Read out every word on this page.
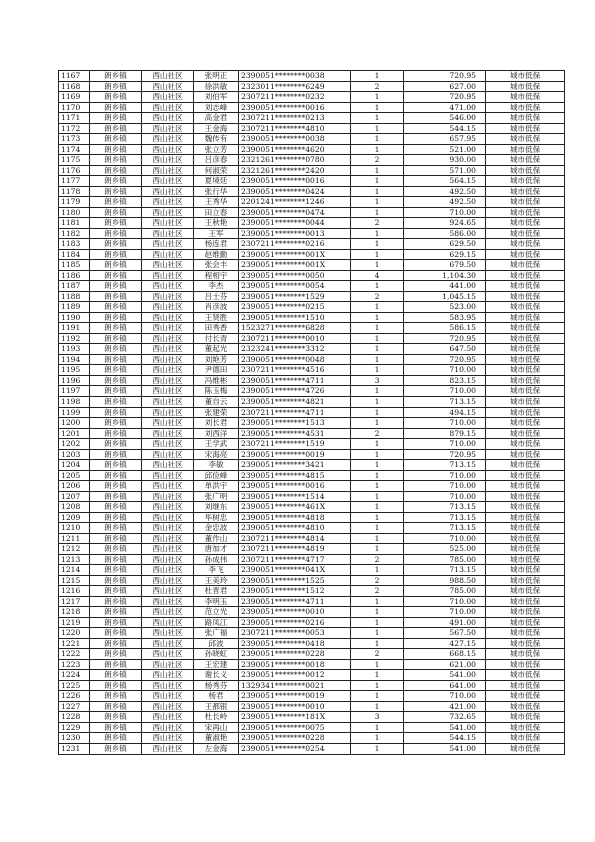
1167	朗乡镇	西山社区	张明正	2390051********0038	1	720.95	城市低保
1168	朗乡镇	西山社区	徐洪敏	2323011********6249	2	627.00	城市低保
1169	朗乡镇	西山社区	刘伯军	2307211********0232	1	720.95	城市低保
1170	朗乡镇	西山社区	刘志峰	2390051********0016	1	471.00	城市低保
1171	朗乡镇	西山社区	高金君	2307211********0213	1	546.00	城市低保
1172	朗乡镇	西山社区	王金海	2307211********4810	1	544.15	城市低保
1173	朗乡镇	西山社区	魏传有	2390051********0038	1	657.95	城市低保
1174	朗乡镇	西山社区	张立芳	2390051********4620	1	521.00	城市低保
1175	朗乡镇	西山社区	吕彦春	2321261********0780	2	930.00	城市低保
1176	朗乡镇	西山社区	何淑荣	2321261********2420	1	571.00	城市低保
1177	朗乡镇	西山社区	夏境廷	2390051********0016	1	564.15	城市低保
1178	朗乡镇	西山社区	张行华	2390051********0424	1	492.50	城市低保
1179	朗乡镇	西山社区	王秀华	2201241********1246	1	492.50	城市低保
1180	朗乡镇	西山社区	田立春	2390051********0474	1	710.00	城市低保
1181	朗乡镇	西山社区	王秋艳	2390051********0044	2	924.65	城市低保
1182	朗乡镇	西山社区	王军	2390051********0013	1	586.00	城市低保
1183	朗乡镇	西山社区	杨连君	2307211********0216	1	629.50	城市低保
1184	朗乡镇	西山社区	赵维勤	2390051********001X	1	629.15	城市低保
1185	朗乡镇	西山社区	张会丰	2390051********001X	1	679.50	城市低保
1186	朗乡镇	西山社区	程相宇	2390051********0050	4	1,104.30	城市低保
1187	朗乡镇	西山社区	李杰	2390051********0054	1	441.00	城市低保
1188	朗乡镇	西山社区	吕士芬	2390051********1529	2	1,045.15	城市低保
1189	朗乡镇	西山社区	肖彦波	2390051********0215	1	523.00	城市低保
1190	朗乡镇	西山社区	王贤胜	2390051********1510	1	583.95	城市低保
1191	朗乡镇	西山社区	田秀香	1523271********6828	1	586.15	城市低保
1192	朗乡镇	西山社区	付长青	2307211********0010	1	720.95	城市低保
1193	朗乡镇	西山社区	董起光	2323241********3312	1	647.50	城市低保
1194	朗乡镇	西山社区	刘艳芳	2390051********0048	1	720.95	城市低保
1195	朗乡镇	西山社区	尹德田	2307211********4516	1	710.00	城市低保
1196	朗乡镇	西山社区	冯维彬	2390051********4711	3	823.15	城市低保
1197	朗乡镇	西山社区	陈玉梅	2390051********4726	1	710.00	城市低保
1198	朗乡镇	西山社区	董自云	2390051********4821	1	713.15	城市低保
1199	朗乡镇	西山社区	张建荣	2307211********4711	1	494.15	城市低保
1200	朗乡镇	西山社区	刘长君	2390051********1513	1	710.00	城市低保
1201	朗乡镇	西山社区	刘西洋	2390051********4531	2	879.15	城市低保
1202	朗乡镇	西山社区	王学武	2307211********1519	1	710.00	城市低保
1203	朗乡镇	西山社区	宋海亮	2390051********0019	1	720.95	城市低保
1204	朗乡镇	西山社区	李敏	2390051********3421	1	713.15	城市低保
1205	朗乡镇	西山社区	邱俭峰	2390051********4815	1	710.00	城市低保
1206	朗乡镇	西山社区	单洪宇	2390051********0016	1	710.00	城市低保
1207	朗乡镇	西山社区	张广明	2390051********1514	1	710.00	城市低保
1208	朗乡镇	西山社区	刘继东	2390051********461X	1	713.15	城市低保
1209	朗乡镇	西山社区	毕树忠	2390051********4818	1	713.15	城市低保
1210	朗乡镇	西山社区	金忠波	2390051********4810	1	713.15	城市低保
1211	朗乡镇	西山社区	董作山	2307211********4814	1	710.00	城市低保
1212	朗乡镇	西山社区	唐加才	2307211********4819	1	525.00	城市低保
1213	朗乡镇	西山社区	孙成伟	2307211********4717	2	785.00	城市低保
1214	朗乡镇	西山社区	李飞	2390051********041X	1	713.15	城市低保
1215	朗乡镇	西山社区	王美玲	2390051********1525	2	988.50	城市低保
1216	朗乡镇	西山社区	杜晋君	2390051********1512	2	785.00	城市低保
1217	朗乡镇	西山社区	李明玉	2390051********4711	1	710.00	城市低保
1218	朗乡镇	西山社区	范立光	2390051********0010	1	710.00	城市低保
1219	朗乡镇	西山社区	路凤江	2390051********0216	1	491.00	城市低保
1220	朗乡镇	西山社区	张广福	2307211********0053	1	567.50	城市低保
1221	朗乡镇	西山社区	邱波	2390051********0418	1	427.15	城市低保
1222	朗乡镇	西山社区	孙晓虹	2390051********0228	2	668.15	城市低保
1223	朗乡镇	西山社区	王宏建	2390051********0018	1	621.00	城市低保
1224	朗乡镇	西山社区	谢长义	2390051********0012	1	541.00	城市低保
1225	朗乡镇	西山社区	杨秀芬	1329341********0021	1	641.00	城市低保
1226	朗乡镇	西山社区	杨君	2390051********0019	1	710.00	城市低保
1227	朗乡镇	西山社区	王都银	2390051********0010	1	421.00	城市低保
1228	朗乡镇	西山社区	杜长岭	2390051********181X	3	732.65	城市低保
1229	朗乡镇	西山社区	宋再山	2390051********0075	1	541.00	城市低保
1230	朗乡镇	西山社区	董淑艳	2390051********0228	1	544.15	城市低保
1231	朗乡镇	西山社区	左金海	2390051********0254	1	541.00	城市低保
